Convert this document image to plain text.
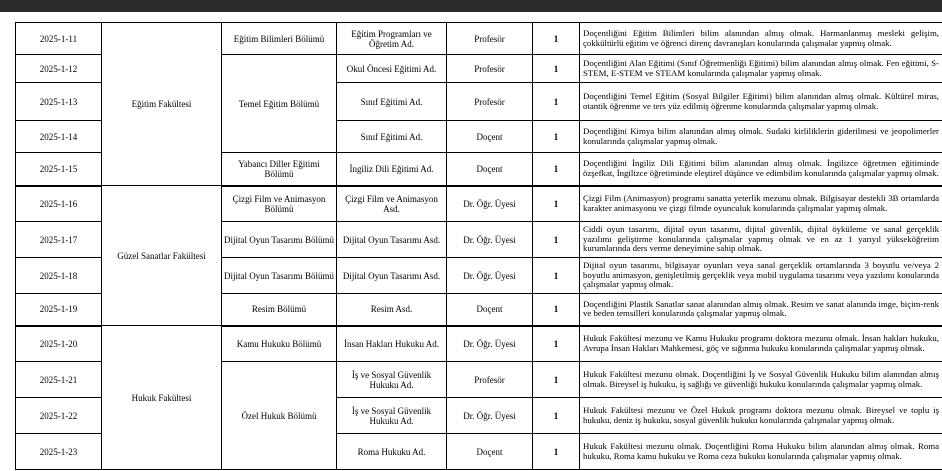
2025-1-11	Eğitim Fakültesi	Eğitim Bilimleri Bölümü	Eğitim Programları ve Öğretim Ad.	Profesör	1	Doçentliğini Eğitim Bilimleri bilim alanından almış olmak. Harmanlanmış mesleki gelişim, çokkültürlü eğitim ve öğrenci direnç davranışları konularında çalışmalar yapmış olmak.
2025-1-12		Temel Eğitim Bölümü	Okul Öncesi Eğitimi Ad.	Profesör	1	Doçentliğini Alan Eğitimi (Sınıf Öğretmenliği Eğitimi) bilim alanından almış olmak. Fen eğitimi, S-STEM, E-STEM ve STEAM konularında çalışmalar yapmış olmak.
2025-1-13			Sınıf Eğitimi Ad.	Profesör	1	Doçentliğini Temel Eğitim (Sosyal Bilgiler Eğitimi) bilim alanından almış olmak. Kültürel miras, otantik öğrenme ve ters yüz edilmiş öğrenme konularında çalışmalar yapmış olmak.
2025-1-14			Sınıf Eğitimi Ad.	Doçent	1	Doçentliğini Kimya bilim alanından almış olmak. Sudaki kirliliklerin giderilmesi ve jeopolimerler konularında çalışmalar yapmış olmak.
2025-1-15		Yabancı Diller Eğitimi Bölümü	İngiliz Dili Eğitimi Ad.	Doçent	1	Doçentliğini İngiliz Dili Eğitimi bilim alanından almış olmak. İngilizce öğretmen eğitiminde özşefkat, İngilizce öğretiminde eleştirel düşünce ve edimbilim konularında çalışmalar yapmış olmak.
2025-1-16	Güzel Sanatlar Fakültesi	Çizgi Film ve Animasyon Bölümü	Çizgi Film ve Animasyon Asd.	Dr. Öğr. Üyesi	1	Çizgi Film (Animasyon) programı sanatta yeterlik mezunu olmak. Bilgisayar destekli 3B ortamlarda karakter animasyonu ve çizgi filmde oyunculuk konularında çalışmalar yapmış olmak.
2025-1-17		Dijital Oyun Tasarımı Bölümü	Dijital Oyun Tasarımı Asd.	Dr. Öğr. Üyesi	1	Ciddi oyun tasarımı, dijital oyun tasarımı, dijital güvenlik, dijital öyküleme ve sanal gerçeklik yazılımı geliştirme konularında çalışmalar yapmış olmak ve en az 1 yarıyıl yükseköğretim kurumlarında ders verme deneyimine sahip olmak.
2025-1-18		Dijital Oyun Tasarımı Bölümü	Dijital Oyun Tasarımı Asd.	Dr. Öğr. Üyesi	1	Dijital oyun tasarımı, bilgisayar oyunları veya sanal gerçeklik ortamlarında 3 boyutlu ve/veya 2 boyutlu animasyon, genişletilmiş gerçeklik veya mobil uygulama tasarımı veya yazılımı konularında çalışmalar yapmış olmak.
2025-1-19		Resim Bölümü	Resim Asd.	Doçent	1	Doçentliğini Plastik Sanatlar sanat alanından almış olmak. Resim ve sanat alanında imge, biçim-renk ve beden temsilleri konularında çalışmalar yapmış olmak.
2025-1-20	Hukuk Fakültesi	Kamu Hukuku Bölümü	İnsan Hakları Hukuku Ad.	Dr. Öğr. Üyesi	1	Hukuk Fakültesi mezunu ve Kamu Hukuku programı doktora mezunu olmak. İnsan hakları hukuku, Avrupa İnsan Hakları Mahkemesi, göç ve sığınma hukuku konularında çalışmalar yapmış olmak.
2025-1-21		Özel Hukuk Bölümü	İş ve Sosyal Güvenlik Hukuku Ad.	Profesör	1	Hukuk Fakültesi mezunu olmak. Doçentliğini İş ve Sosyal Güvenlik Hukuku bilim alanından almış olmak. Bireysel iş hukuku, iş sağlığı ve güvenliği hukuku konularında çalışmalar yapmış olmak.
2025-1-22			İş ve Sosyal Güvenlik Hukuku Ad.	Dr. Öğr. Üyesi	1	Hukuk Fakültesi mezunu ve Özel Hukuk programı doktora mezunu olmak. Bireysel ve toplu iş hukuku, deniz iş hukuku, sosyal güvenlik hukuku konularında çalışmalar yapmış olmak.
2025-1-23			Roma Hukuku Ad.	Doçent	1	Hukuk Fakültesi mezunu olmak. Doçentliğini Roma Hukuku bilim alanından almış olmak. Roma hukuku, Roma kamu hukuku ve Roma ceza hukuku konularında çalışmalar yapmış olmak.
